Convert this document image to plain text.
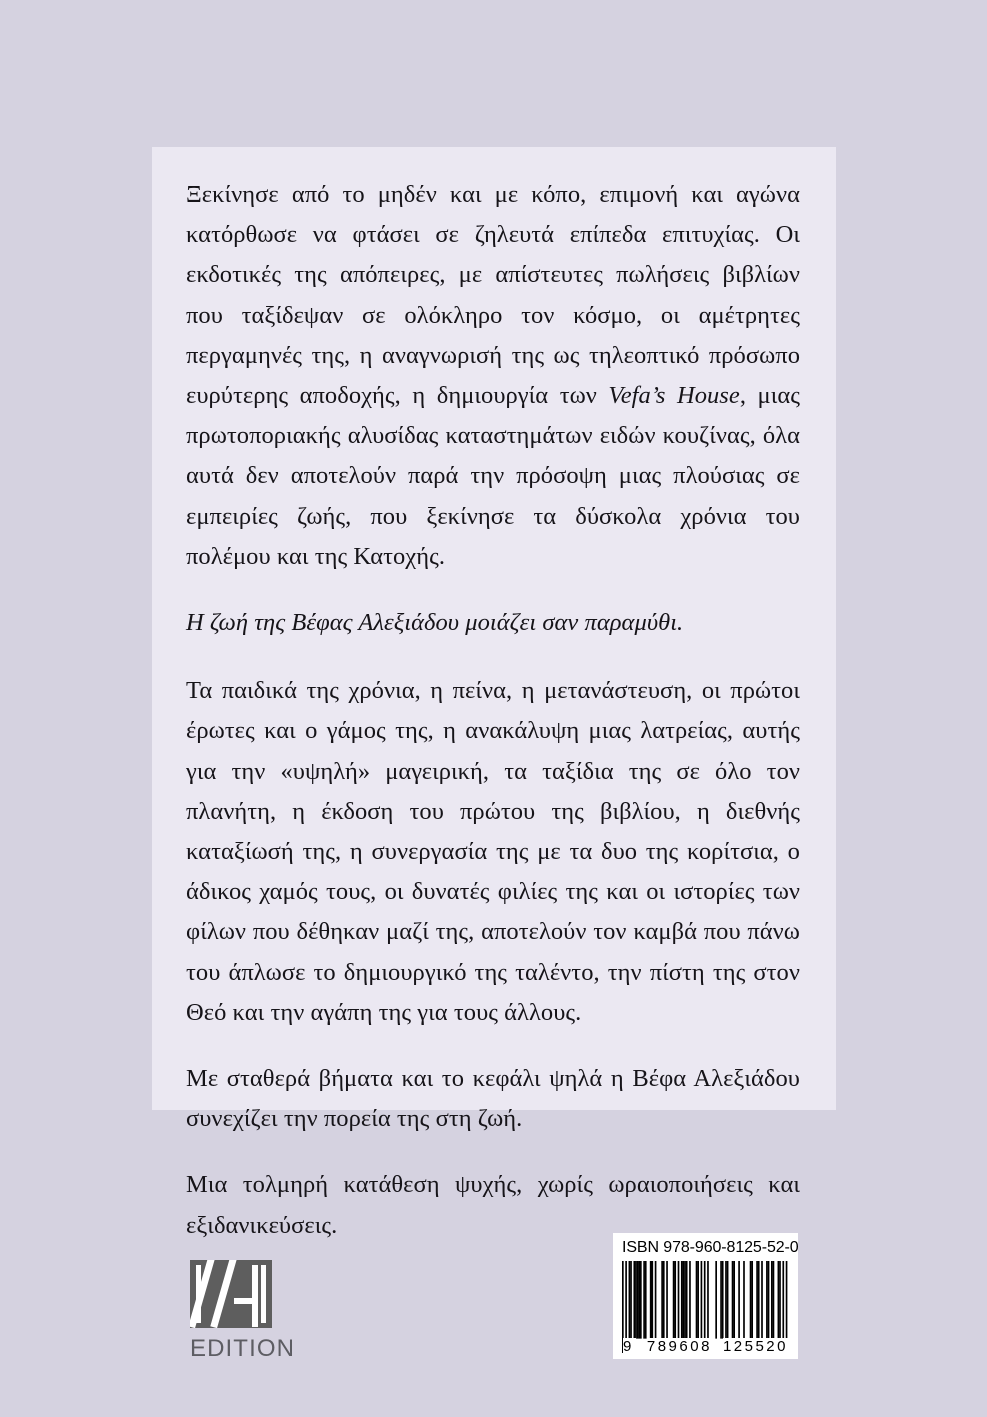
Ξεκίνησε από το μηδέν και με κόπο, επιμονή και αγώνα κατόρθωσε να φτάσει σε ζηλευτά επίπεδα επιτυχίας. Οι εκδοτικές της απόπειρες, με απίστευτες πωλήσεις βιβλίων που ταξίδεψαν σε ολόκληρο τον κόσμο, οι αμέτρητες περγαμηνές της, η αναγνωρισή της ως τηλεοπτικό πρόσωπο ευρύτερης αποδοχής, η δημιουργία των Vefa’s House, μιας πρωτοποριακής αλυσίδας καταστημάτων ειδών κουζίνας, όλα αυτά δεν αποτελούν παρά την πρόσοψη μιας πλούσιας σε εμπειρίες ζωής, που ξεκίνησε τα δύσκολα χρόνια του πολέμου και της Κατοχής.

Η ζωή της Βέφας Αλεξιάδου μοιάζει σαν παραμύθι.

Τα παιδικά της χρόνια, η πείνα, η μετανάστευση, οι πρώτοι έρωτες και ο γάμος της, η ανακάλυψη μιας λατρείας, αυτής για την «υψηλή» μαγειρική, τα ταξίδια της σε όλο τον πλανήτη, η έκδοση του πρώτου της βιβλίου, η διεθνής καταξίωσή της, η συνεργασία της με τα δυο της κορίτσια, ο άδικος χαμός τους, οι δυνατές φιλίες της και οι ιστορίες των φίλων που δέθηκαν μαζί της, αποτελούν τον καμβά που πάνω του άπλωσε το δημιουργικό της ταλέντο, την πίστη της στον Θεό και την αγάπη της για τους άλλους.

Με σταθερά βήματα και το κεφάλι ψηλά η Βέφα Αλεξιάδου συνεχίζει την πορεία της στη ζωή.

Μια τολμηρή κατάθεση ψυχής, χωρίς ωραιοποιήσεις και εξιδανικεύσεις.

EDITION
ISBN 978-960-8125-52-0
9 789608 125520
